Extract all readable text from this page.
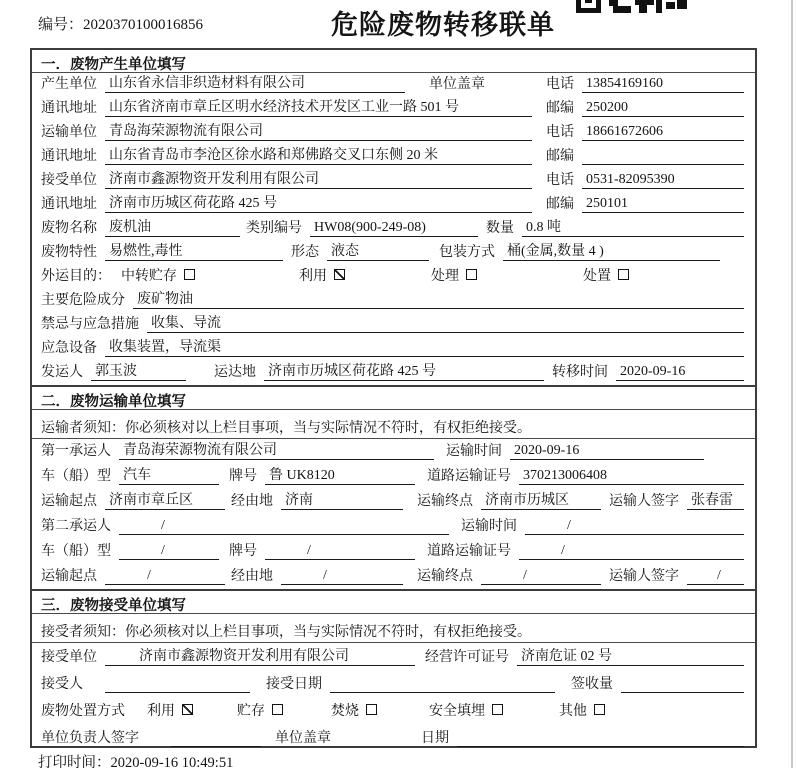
编号：2020370100016856	危险废物转移联单
一．废物产生单位填写
产生单位 山东省永信非织造材料有限公司	单位盖章	电话 13854169160
通讯地址 山东省济南市章丘区明水经济技术开发区工业一路 501 号	邮编 250200
运输单位 青岛海荣源物流有限公司	电话 18661672606
通讯地址 山东省青岛市李沧区徐水路和郑佛路交叉口东侧 20 米	邮编
接受单位 济南市鑫源物资开发利用有限公司	电话 0531-82095390
通讯地址 济南市历城区荷花路 425 号	邮编 250101
废物名称 废机油	类别编号 HW08(900-249-08)	数量 0.8 吨
废物特性 易燃性,毒性	形态 液态	包装方式 桶(金属,数量 4 )
外运目的： 中转贮存	利用	处理	处置
主要危险成分 废矿物油
禁忌与应急措施 收集、导流
应急设备 收集装置，导流渠
发运人 郭玉波	运达地 济南市历城区荷花路 425 号	转移时间 2020-09-16
二．废物运输单位填写
运输者须知：你必须核对以上栏目事项，当与实际情况不符时，有权拒绝接受。
第一承运人 青岛海荣源物流有限公司	运输时间 2020-09-16
车（船）型 汽车	牌号 鲁 UK8120	道路运输证号 370213006408
运输起点 济南市章丘区	经由地 济南	运输终点 济南市历城区	运输人签字 张春雷
第二承运人	/	运输时间	/
车（船）型	/	牌号	/	道路运输证号	/
运输起点	/	经由地	/	运输终点	/	运输人签字	/
三．废物接受单位填写
接受者须知：你必须核对以上栏目事项，当与实际情况不符时，有权拒绝接受。
接受单位	济南市鑫源物资开发利用有限公司	经营许可证号 济南危证 02 号
接受人	接受日期	签收量
废物处置方式 利用	贮存	焚烧	安全填埋	其他
单位负责人签字	单位盖章	日期
打印时间：2020-09-16 10:49:51
